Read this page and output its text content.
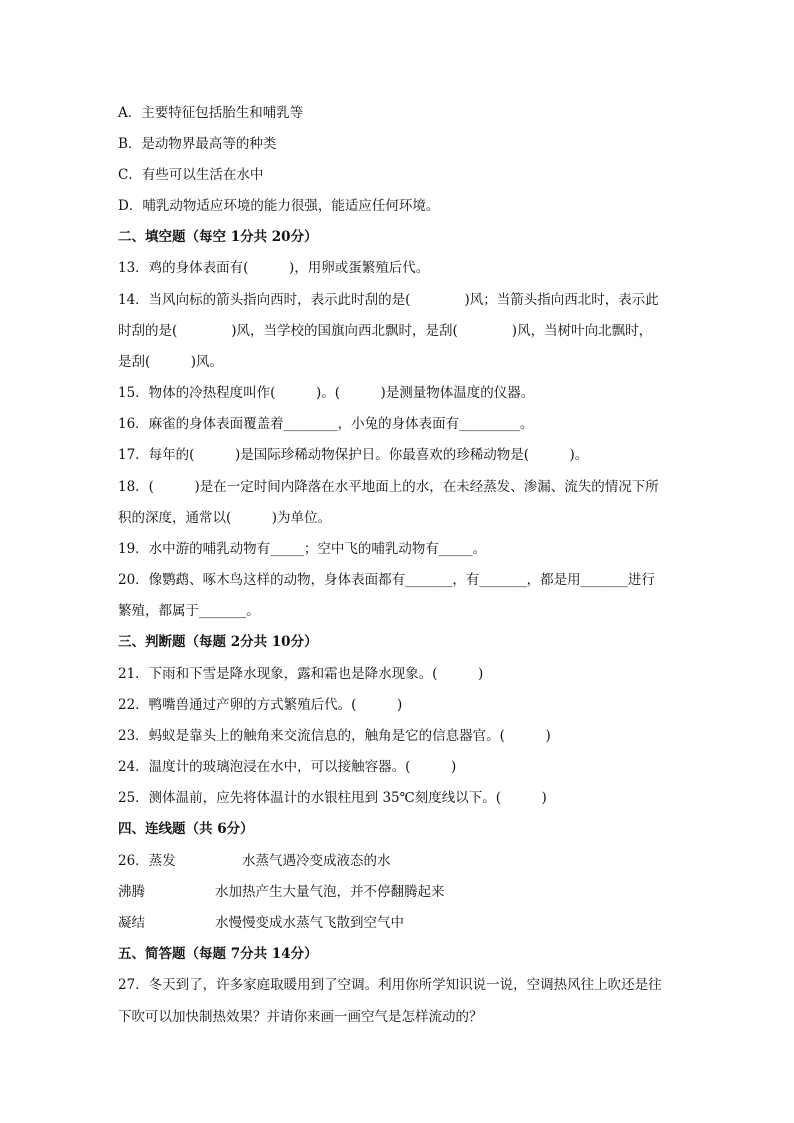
A．主要特征包括胎生和哺乳等
B．是动物界最高等的种类
C．有些可以生活在水中
D．哺乳动物适应环境的能力很强，能适应任何环境。
二、填空题（每空 1分共 20分）
13．鸡的身体表面有(　　　)，用卵或蛋繁殖后代。
14．当风向标的箭头指向西时，表示此时刮的是(　　　　)风；当箭头指向西北时，表示此
时刮的是(　　　　)风，当学校的国旗向西北飘时，是刮(　　　　)风，当树叶向北飘时，
是刮(　　　)风。
15．物体的冷热程度叫作(　　　)。(　　　)是测量物体温度的仪器。
16．麻雀的身体表面覆盖着________，小兔的身体表面有_________。
17．每年的(　　　)是国际珍稀动物保护日。你最喜欢的珍稀动物是(　　　)。
18．(　　　)是在一定时间内降落在水平地面上的水，在未经蒸发、渗漏、流失的情况下所
积的深度，通常以(　　　)为单位。
19．水中游的哺乳动物有_____；空中飞的哺乳动物有_____。
20．像鹦鹉、啄木鸟这样的动物，身体表面都有_______，有_______，都是用_______进行
繁殖，都属于_______。
三、判断题（每题 2分共 10分）
21．下雨和下雪是降水现象，露和霜也是降水现象。(　　　)
22．鸭嘴兽通过产卵的方式繁殖后代。(　　　)
23．蚂蚁是靠头上的触角来交流信息的，触角是它的信息器官。(　　　)
24．温度计的玻璃泡浸在水中，可以接触容器。(　　　)
25．测体温前，应先将体温计的水银柱甩到 35℃刻度线以下。(　　　)
四、连线题（共 6分）
26．蒸发	水蒸气遇冷变成液态的水
沸腾	水加热产生大量气泡，并不停翻腾起来
凝结	水慢慢变成水蒸气飞散到空气中
五、简答题（每题 7分共 14分）
27．冬天到了，许多家庭取暖用到了空调。利用你所学知识说一说，空调热风往上吹还是往
下吹可以加快制热效果？并请你来画一画空气是怎样流动的？
